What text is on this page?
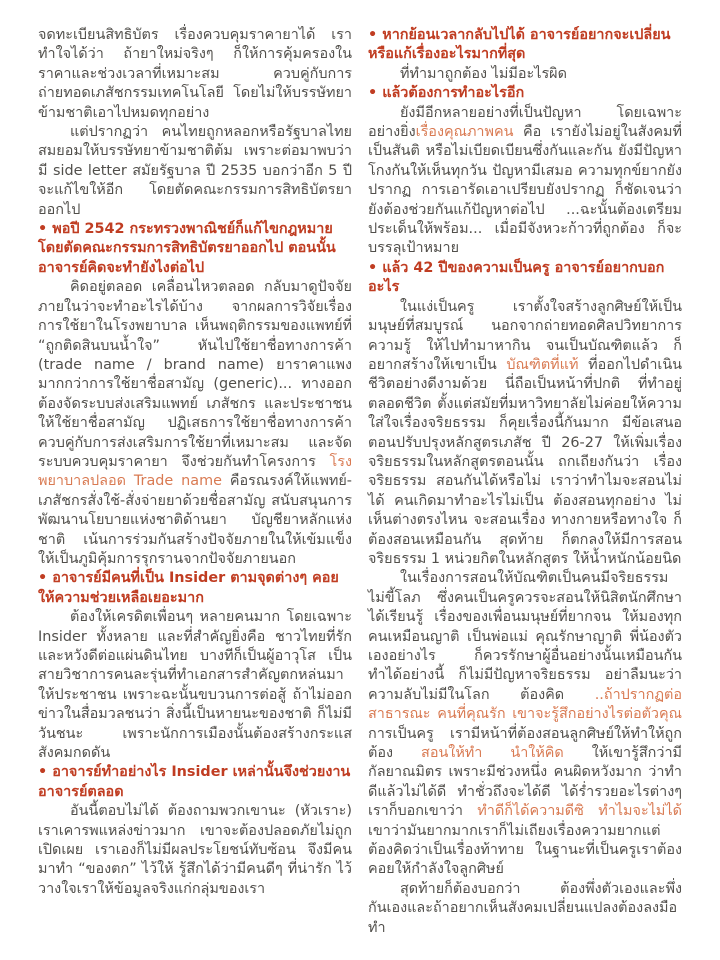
จดทะเบียนสิทธิบัตร เรื่องควบคุมราคายาได้ เราทำใจได้ว่า ถ้ายาใหม่จริงๆ ก็ให้การคุ้มครองในราคาและช่วงเวลาที่เหมาะสม ควบคู่กับการถ่ายทอดเภสัชกรรมเทคโนโลยี โดยไม่ให้บรรษัทยาข้ามชาติเอาไปหมดทุกอย่าง

แต่ปรากฏว่า คนไทยถูกหลอกหรือรัฐบาลไทยสมยอมให้บรรษัทยาข้ามชาติต้ม เพราะต่อมาพบว่ามี side letter สมัยรัฐบาล ปี 2535 บอกว่าอีก 5 ปีจะแก้ไขให้อีก โดยตัดคณะกรรมการสิทธิบัตรยาออกไป

• พอปี 2542 กระทรวงพาณิชย์ก็แก้ไขกฎหมาย โดยตัดคณะกรรมการสิทธิบัตรยาออกไป ตอนนั้นอาจารย์คิดจะทำยังไงต่อไป

คิดอยู่ตลอด เคลื่อนไหวตลอด กลับมาดูปัจจัยภายในว่าจะทำอะไรได้บ้าง จากผลการวิจัยเรื่องการใช้ยาในโรงพยาบาล เห็นพฤติกรรมของแพทย์ที่ “ถูกติดสินบนน้ำใจ” หันไปใช้ยาชื่อทางการค้า (trade name / brand name) ยาราคาแพง มากกว่าการใช้ยาชื่อสามัญ (generic)... ทางออกต้องจัดระบบส่งเสริมแพทย์ เภสัชกร และประชาชนให้ใช้ยาชื่อสามัญ ปฏิเสธการใช้ยาชื่อทางการค้า ควบคู่กับการส่งเสริมการใช้ยาที่เหมาะสม และจัดระบบควบคุมราคายา จึงช่วยกันทำโครงการ โรงพยาบาลปลอด Trade name คือรณรงค์ให้แพทย์-เภสัชกรสั่งใช้-สั่งจ่ายยาด้วยชื่อสามัญ สนับสนุนการพัฒนานโยบายแห่งชาติด้านยา บัญชียาหลักแห่งชาติ เน้นการร่วมกันสร้างปัจจัยภายในให้เข้มแข็ง ให้เป็นภูมิคุ้มการรุกรานจากปัจจัยภายนอก

• อาจารย์มีคนที่เป็น Insider ตามจุดต่างๆ คอยให้ความช่วยเหลือเยอะมาก

ต้องให้เครดิตเพื่อนๆ หลายคนมาก โดยเฉพาะ Insider ทั้งหลาย และที่สำคัญยิ่งคือ ชาวไทยที่รักและหวังดีต่อแผ่นดินไทย บางทีก็เป็นผู้อาวุโส เป็นสายวิชาการคนละรุ่นที่ทำเอกสารสำคัญตกหล่นมาให้ประชาชน เพราะฉะนั้นขบวนการต่อสู้ ถ้าไม่ออกข่าวในสื่อมวลชนว่า สิ่งนี้เป็นหายนะของชาติ ก็ไม่มีวันชนะ เพราะนักการเมืองนั้นต้องสร้างกระแสสังคมกดดัน

• อาจารย์ทำอย่างไร Insider เหล่านั้นจึงช่วยงานอาจารย์ตลอด

อันนี้ตอบไม่ได้ ต้องถามพวกเขานะ (หัวเราะ) เราเคารพแหล่งข่าวมาก เขาจะต้องปลอดภัยไม่ถูกเปิดเผย เราเองก็ไม่มีผลประโยชน์ทับซ้อน จึงมีคนมาทำ “ของตก” ไว้ให้ รู้สึกได้ว่ามีคนดีๆ ที่น่ารัก ไว้วางใจเราให้ข้อมูลจริงแก่กลุ่มของเรา

• หากย้อนเวลากลับไปได้ อาจารย์อยากจะเปลี่ยนหรือแก้เรื่องอะไรมากที่สุด

ที่ทำมาถูกต้อง ไม่มีอะไรผิด

• แล้วต้องการทำอะไรอีก

ยังมีอีกหลายอย่างที่เป็นปัญหา โดยเฉพาะอย่างยิ่งเรื่องคุณภาพคน คือ เรายังไม่อยู่ในสังคมที่เป็นสันติ หรือไม่เบียดเบียนซึ่งกันและกัน ยังมีปัญหาโกงกันให้เห็นทุกวัน ปัญหามีเสมอ ความทุกข์ยากยังปรากฏ การเอารัดเอาเปรียบยังปรากฏ ก็ชัดเจนว่ายังต้องช่วยกันแก้ปัญหาต่อไป ...ฉะนั้นต้องเตรียมประเด็นให้พร้อม... เมื่อมีจังหวะก้าวที่ถูกต้อง ก็จะบรรลุเป้าหมาย

• แล้ว 42 ปีของความเป็นครู อาจารย์อยากบอกอะไร

ในแง่เป็นครู เราตั้งใจสร้างลูกศิษย์ให้เป็นมนุษย์ที่สมบูรณ์ นอกจากถ่ายทอดศิลปวิทยาการความรู้ ให้ไปทำมาหากิน จนเป็นบัณฑิตแล้ว ก็อยากสร้างให้เขาเป็น บัณฑิตที่แท้ ที่ออกไปดำเนินชีวิตอย่างดีงามด้วย นี่ถือเป็นหน้าที่ปกติ ที่ทำอยู่ตลอดชีวิต ตั้งแต่สมัยที่มหาวิทยาลัยไม่ค่อยให้ความใส่ใจเรื่องจริยธรรม ก็คุยเรื่องนี้กันมาก มีข้อเสนอตอนปรับปรุงหลักสูตรเภสัช ปี 26-27 ให้เพิ่มเรื่องจริยธรรมในหลักสูตรตอนนั้น ถกเถียงกันว่า เรื่องจริยธรรม สอนกันได้หรือไม่ เราว่าทำไมจะสอนไม่ได้ คนเกิดมาทำอะไรไม่เป็น ต้องสอนทุกอย่าง ไม่เห็นต่างตรงไหน จะสอนเรื่อง ทางกายหรือทางใจ ก็ต้องสอนเหมือนกัน สุดท้าย ก็ตกลงให้มีการสอนจริยธรรม 1 หน่วยกิตในหลักสูตร ให้น้ำหนักน้อยนิด

ในเรื่องการสอนให้บัณฑิตเป็นคนมีจริยธรรม ไม่ขี้โลภ ซึ่งคนเป็นครูควรจะสอนให้นิสิตนักศึกษาได้เรียนรู้ เรื่องของเพื่อนมนุษย์ที่ยากจน ให้มองทุกคนเหมือนญาติ เป็นพ่อแม่ คุณรักษาญาติ พี่น้องตัวเองอย่างไร ก็ควรรักษาผู้อื่นอย่างนั้นเหมือนกัน ทำได้อย่างนี้ ก็ไม่มีปัญหาจริยธรรม อย่าลืมนะว่าความลับไม่มีในโลก ต้องคิด ..ถ้าปรากฏต่อสาธารณะ คนที่คุณรัก เขาจะรู้สึกอย่างไรต่อตัวคุณ การเป็นครู เรามีหน้าที่ต้องสอนลูกศิษย์ให้ทำให้ถูกต้อง สอนให้ทำ นำให้คิด ให้เขารู้สึกว่ามีกัลยาณมิตร เพราะมีช่วงหนึ่ง คนผิดหวังมาก ว่าทำดีแล้วไม่ได้ดี ทำชั่วถึงจะได้ดี ได้ร่ำรวยอะไรต่างๆ เราก็บอกเขาว่า ทำดีก็ได้ความดีซิ ทำไมจะไม่ได้ เขาว่ามันยากมากเราก็ไม่เถียงเรื่องความยากแต่ต้องคิดว่าเป็นเรื่องท้าทาย ในฐานะที่เป็นครูเราต้องคอยให้กำลังใจลูกศิษย์

สุดท้ายก็ต้องบอกว่า ต้องพึ่งตัวเองและพึ่งกันเองและถ้าอยากเห็นสังคมเปลี่ยนแปลงต้องลงมือทำ
